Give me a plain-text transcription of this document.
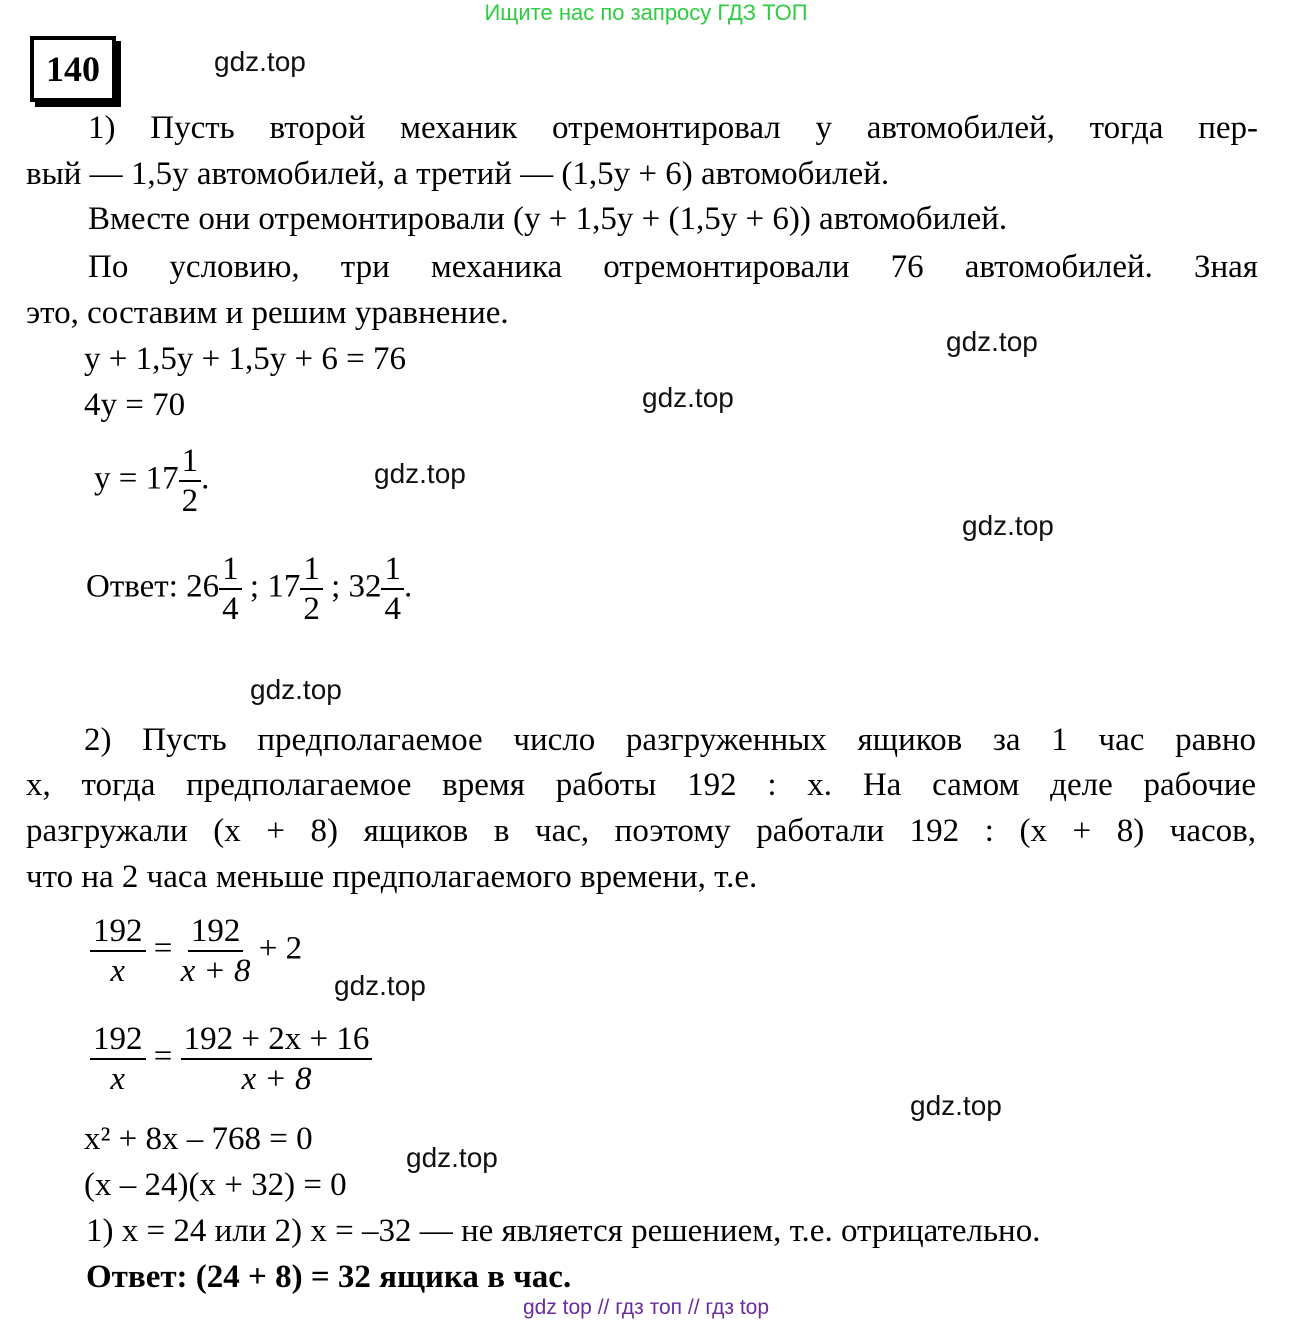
Ищите нас по запросу ГДЗ ТОП
140	gdz.top
gdz.top
gdz.top
gdz.top
gdz.top
gdz.top
gdz.top
gdz.top
gdz.top
1) Пусть второй механик отремонтировал y автомобилей, тогда пер-
вый — 1,5y автомобилей, а третий — (1,5y + 6) автомобилей.
Вместе они отремонтировали (y + 1,5y + (1,5y + 6)) автомобилей.
По условию, три механика отремонтировали 76 автомобилей. Зная
это, составим и решим уравнение.
y + 1,5y + 1,5y + 6 = 76
4y = 70
$y = 17 \frac{1}{2}$ .
Ответ: $26 \frac{1}{4}$ ; $17 \frac{1}{2}$ ; $32 \frac{1}{4}$ .
2) Пусть предполагаемое число разгруженных ящиков за 1 час равно
x, тогда предполагаемое время работы 192 : x. На самом деле рабочие
разгружали (x + 8) ящиков в час, поэтому работали 192 : (x + 8) часов,
что на 2 часа меньше предполагаемого времени, т.е.
$\frac{192}{x} = \frac{192}{x + 8} + 2$
$\frac{192}{x} = \frac{192 + 2x + 16}{x + 8}$
x² + 8x – 768 = 0
(x – 24)(x + 32) = 0
1) x = 24 или 2) x = –32 — не является решением, т.е. отрицательно.
Ответ: (24 + 8) = 32 ящика в час.
gdz top // гдз топ // гдз top
